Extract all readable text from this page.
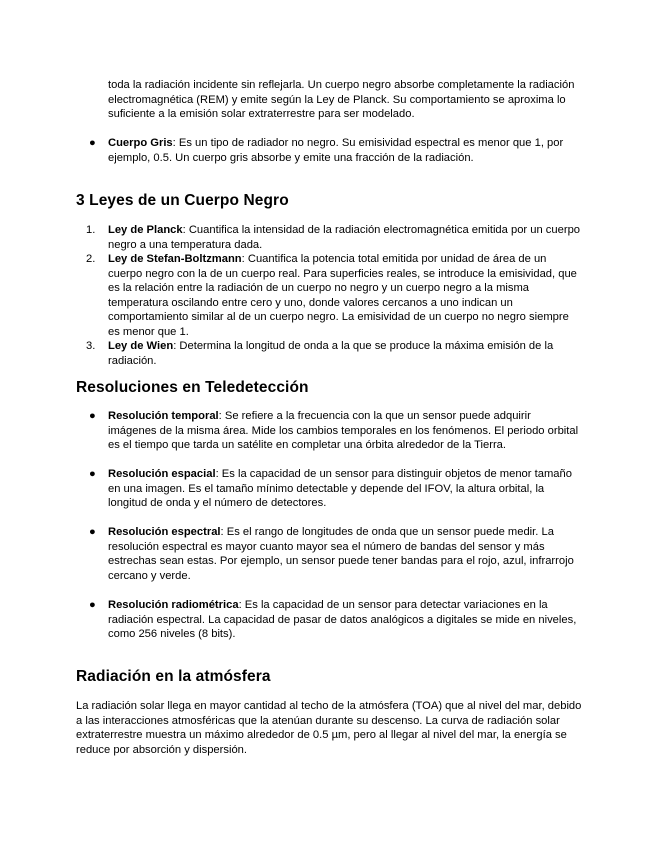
toda la radiación incidente sin reflejarla. Un cuerpo negro absorbe completamente la radiación electromagnética (REM) y emite según la Ley de Planck. Su comportamiento se aproxima lo suficiente a la emisión solar extraterrestre para ser modelado.

● Cuerpo Gris: Es un tipo de radiador no negro. Su emisividad espectral es menor que 1, por ejemplo, 0.5. Un cuerpo gris absorbe y emite una fracción de la radiación.

3 Leyes de un Cuerpo Negro
1. Ley de Planck: Cuantifica la intensidad de la radiación electromagnética emitida por un cuerpo negro a una temperatura dada.

2. Ley de Stefan-Boltzmann: Cuantifica la potencia total emitida por unidad de área de un cuerpo negro con la de un cuerpo real. Para superficies reales, se introduce la emisividad, que es la relación entre la radiación de un cuerpo no negro y un cuerpo negro a la misma temperatura oscilando entre cero y uno, donde valores cercanos a uno indican un comportamiento similar al de un cuerpo negro. La emisividad de un cuerpo no negro siempre es menor que 1.

3. Ley de Wien: Determina la longitud de onda a la que se produce la máxima emisión de la radiación.

Resoluciones en Teledetección
● Resolución temporal: Se refiere a la frecuencia con la que un sensor puede adquirir imágenes de la misma área. Mide los cambios temporales en los fenómenos. El periodo orbital es el tiempo que tarda un satélite en completar una órbita alrededor de la Tierra.

● Resolución espacial: Es la capacidad de un sensor para distinguir objetos de menor tamaño en una imagen. Es el tamaño mínimo detectable y depende del IFOV, la altura orbital, la longitud de onda y el número de detectores.

● Resolución espectral: Es el rango de longitudes de onda que un sensor puede medir. La resolución espectral es mayor cuanto mayor sea el número de bandas del sensor y más estrechas sean estas. Por ejemplo, un sensor puede tener bandas para el rojo, azul, infrarrojo cercano y verde.

● Resolución radiométrica: Es la capacidad de un sensor para detectar variaciones en la radiación espectral. La capacidad de pasar de datos analógicos a digitales se mide en niveles, como 256 niveles (8 bits).

Radiación en la atmósfera

La radiación solar llega en mayor cantidad al techo de la atmósfera (TOA) que al nivel del mar, debido a las interacciones atmosféricas que la atenúan durante su descenso. La curva de radiación solar extraterrestre muestra un máximo alrededor de 0.5 µm, pero al llegar al nivel del mar, la energía se reduce por absorción y dispersión.
